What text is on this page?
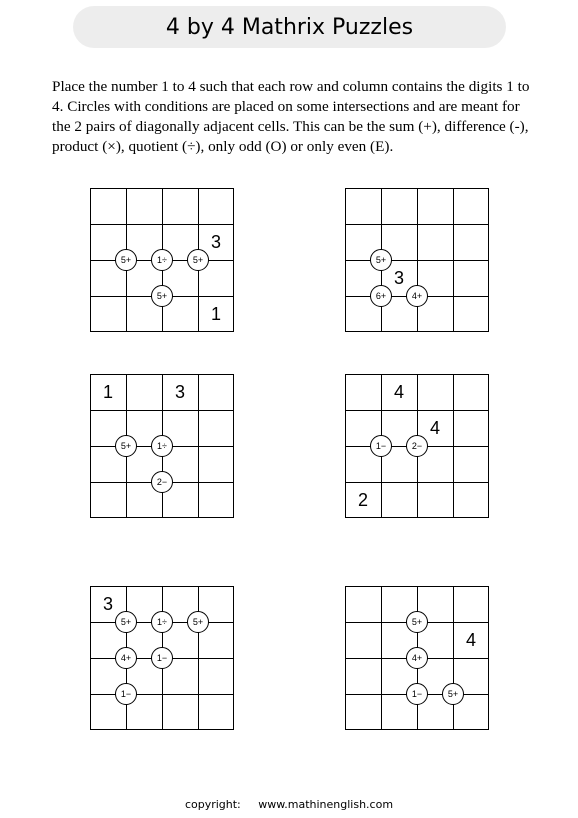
4 by 4 Mathrix Puzzles

Place the number 1 to 4 such that each row and column contains the digits 1 to 4. Circles with conditions are placed on some intersections and are meant for the 2 pairs of diagonally adjacent cells. This can be the sum (+), difference (-), product (×), quotient (÷), only odd (O) or only even (E).

3
1
5+	1÷	5+
5+
3
5+
6+	4+
1	3
5+	1÷
2−
4
4
2
1−	2−
3
5+	1÷	5+
4+	1−
1−
4
5+
4+
1−	5+
copyright: www.mathinenglish.com
